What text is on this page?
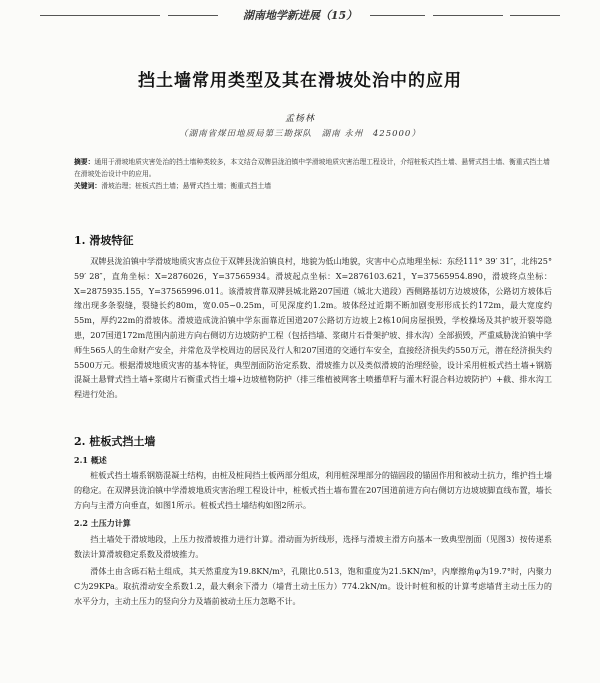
湖南地学新进展（15）
挡土墙常用类型及其在滑坡处治中的应用
孟杨林
（湖南省煤田地质局第三勘探队　湖南 永州　425000）
摘要：通用于滑坡地质灾害处治的挡土墙种类较多，本文结合双牌县泷泊镇中学滑坡地质灾害治理工程设计，介绍桩板式挡土墙、悬臂式挡土墙、衡重式挡土墙在滑坡处治设计中的应用。
关键词：滑坡治理；桩板式挡土墙；悬臂式挡土墙；衡重式挡土墙
1. 滑坡特征
双牌县泷泊镇中学滑坡地质灾害点位于双牌县泷泊镇良村，地貌为低山地貌，灾害中心点地理坐标：东经111° 39′ 31″，北纬25° 59′ 28″，直角坐标：X=2876026，Y=37565934。滑坡起点坐标：X=2876103.621，Y=37565954.890，滑坡终点坐标：X=2875935.155，Y=37565996.011。该滑坡背靠双牌县城北路207国道（城北大道段）西侧路基切方边坡坡体，公路切方坡体后缘出现多条裂缝，裂缝长约80m，宽0.05~0.25m，可见深度约1.2m。坡体经过近期不断加剧变形形成长约172m，最大宽度约55m，厚约22m的滑坡体。滑坡造成泷泊镇中学东面靠近国道207公路切方边坡上2栋10间房屋损毁，学校操场及其护坡开裂等隐患，207国道172m范围内前进方向右侧切方边坡防护工程（包括挡墙、浆砌片石骨架护坡、排水沟）全部损毁，严重威胁泷泊镇中学师生565人的生命财产安全，并常危及学校周边的居民及行人和207国道的交通行车安全，直接经济损失约550万元，潜在经济损失约5500万元。根据滑坡地质灾害的基本特征，典型剖面防治定系数、滑坡推力以及类似滑坡的治理经验，设计采用桩板式挡土墙+钢筋混凝土悬臂式挡土墙+浆砌片石衡重式挡土墙+边坡植物防护（排三维植被网客土喷播草籽与灌木籽混合料边坡防护）+截、排水沟工程进行处治。
2. 桩板式挡土墙
2.1 概述
桩板式挡土墙系钢筋混凝土结构，由桩及桩间挡土板两部分组成，利用桩深埋部分的锚固段的锚固作用和被动土抗力，维护挡土墙的稳定。在双牌县泷泊镇中学滑坡地质灾害治理工程设计中，桩板式挡土墙布置在207国道前进方向右侧切方边坡坡脚直线布置，墙长方向与主滑方向垂直，如图1所示。桩板式挡土墙结构如图2所示。
2.2 土压力计算
挡土墙处于滑坡地段，上压力按滑坡推力进行计算。滑动面为折线形，选择与滑坡主滑方向基本一致典型剖面（见图3）按传递系数法计算滑坡稳定系数及滑坡推力。
滑体土由含砾石粘土组成，其天然重度为19.8KN/m³，孔隙比0.513，饱和重度为21.5KN/m³，内摩擦角φ为19.7°时，内聚力C为29KPa。取抗滑动安全系数1.2，最大剩余下滑力（墙背土动土压力）774.2kN/m。设计时桩和板的计算考虑墙背主动土压力的水平分力，主动土压力的竖向分力及墙前被动土压力忽略不计。
